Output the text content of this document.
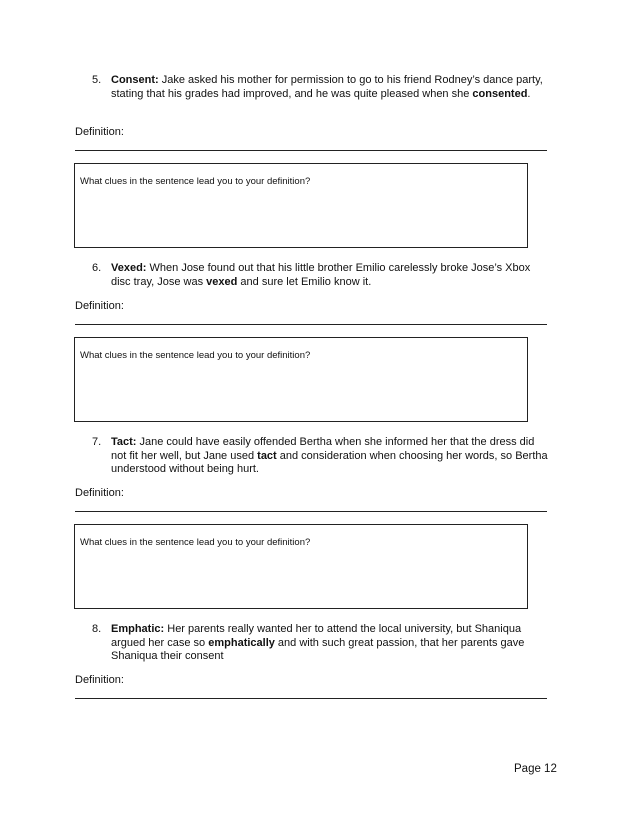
5. Consent: Jake asked his mother for permission to go to his friend Rodney’s dance party, stating that his grades had improved, and he was quite pleased when she consented.
Definition:
What clues in the sentence lead you to your definition?
6. Vexed: When Jose found out that his little brother Emilio carelessly broke Jose’s Xbox disc tray, Jose was vexed and sure let Emilio know it.
Definition:
What clues in the sentence lead you to your definition?
7. Tact: Jane could have easily offended Bertha when she informed her that the dress did not fit her well, but Jane used tact and consideration when choosing her words, so Bertha understood without being hurt.
Definition:
What clues in the sentence lead you to your definition?
8. Emphatic: Her parents really wanted her to attend the local university, but Shaniqua argued her case so emphatically and with such great passion, that her parents gave Shaniqua their consent
Definition:
Page 12
